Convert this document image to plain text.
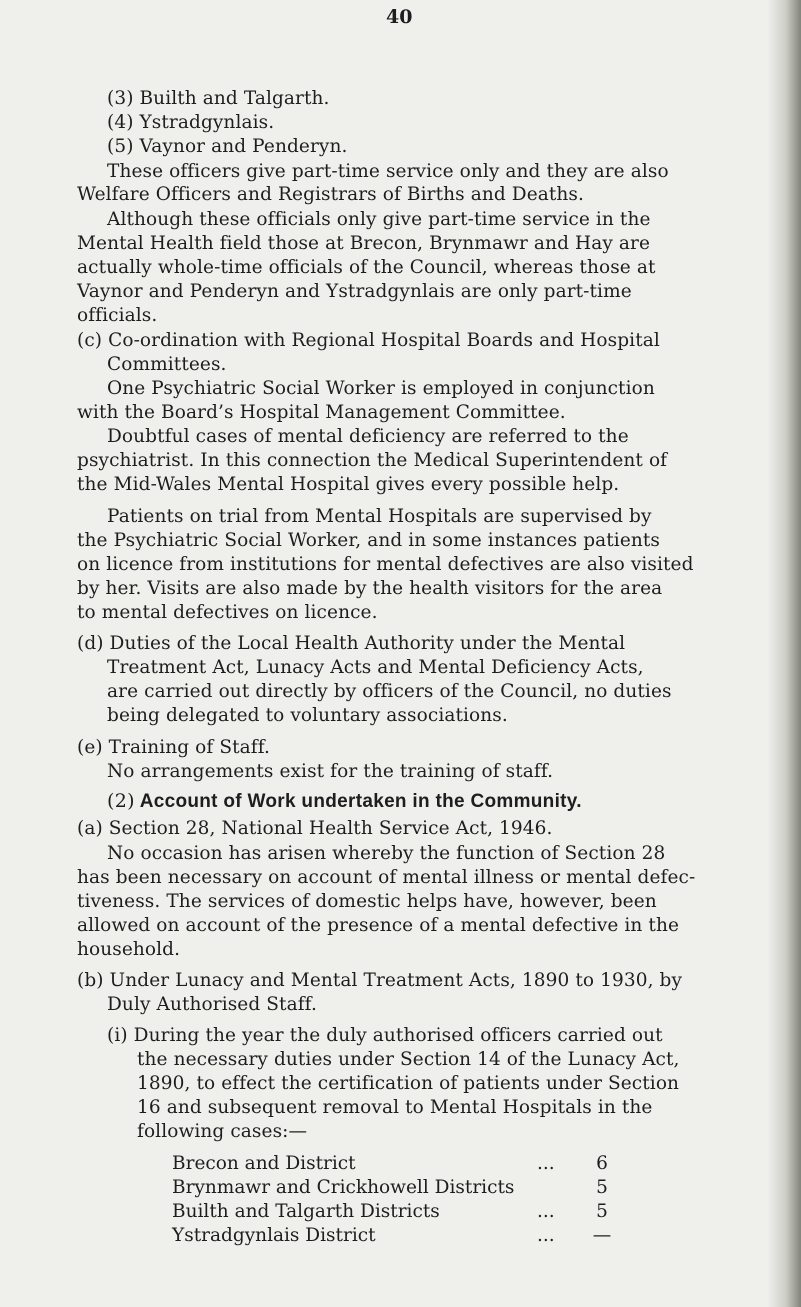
40
(3) Builth and Talgarth.
(4) Ystradgynlais.
(5) Vaynor and Penderyn.
These officers give part-time service only and they are also
Welfare Officers and Registrars of Births and Deaths.
Although these officials only give part-time service in the
Mental Health field those at Brecon, Brynmawr and Hay are
actually whole-time officials of the Council, whereas those at
Vaynor and Penderyn and Ystradgynlais are only part-time
officials.
(c) Co-ordination with Regional Hospital Boards and Hospital
Committees.
One Psychiatric Social Worker is employed in conjunction
with the Board’s Hospital Management Committee.
Doubtful cases of mental deficiency are referred to the
psychiatrist. In this connection the Medical Superintendent of
the Mid-Wales Mental Hospital gives every possible help.
Patients on trial from Mental Hospitals are supervised by
the Psychiatric Social Worker, and in some instances patients
on licence from institutions for mental defectives are also visited
by her. Visits are also made by the health visitors for the area
to mental defectives on licence.
(d) Duties of the Local Health Authority under the Mental
Treatment Act, Lunacy Acts and Mental Deficiency Acts,
are carried out directly by officers of the Council, no duties
being delegated to voluntary associations.
(e) Training of Staff.
No arrangements exist for the training of staff.
(2) Account of Work undertaken in the Community.
(a) Section 28, National Health Service Act, 1946.
No occasion has arisen whereby the function of Section 28
has been necessary on account of mental illness or mental defec-
tiveness. The services of domestic helps have, however, been
allowed on account of the presence of a mental defective in the
household.
(b) Under Lunacy and Mental Treatment Acts, 1890 to 1930, by
Duly Authorised Staff.
(i) During the year the duly authorised officers carried out
the necessary duties under Section 14 of the Lunacy Act,
1890, to effect the certification of patients under Section
16 and subsequent removal to Mental Hospitals in the
following cases:—
Brecon and District	... 6
Brynmawr and Crickhowell Districts	5
Builth and Talgarth Districts	... 5
Ystradgynlais District	... —
